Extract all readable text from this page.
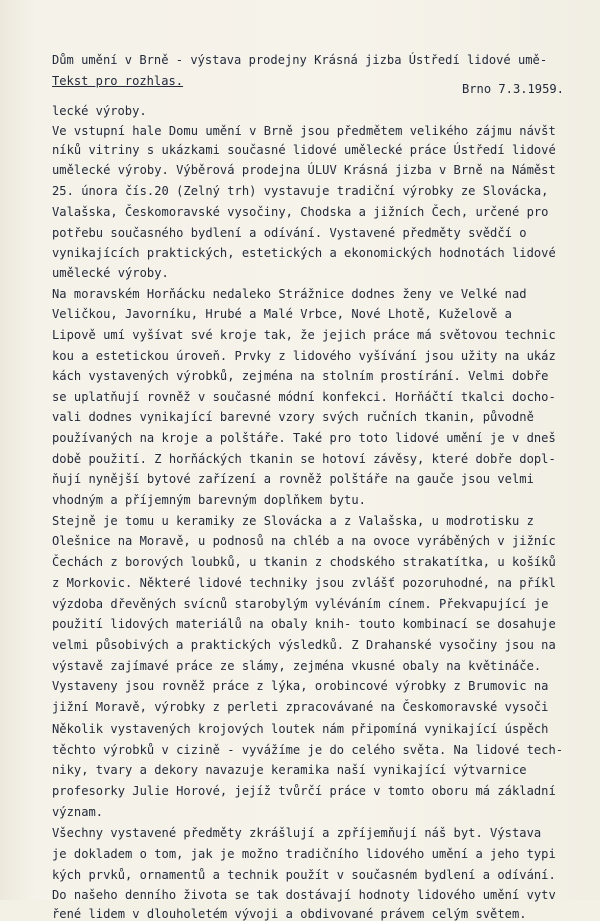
Dům umění v Brně - výstava prodejny Krásná jizba Ústředí lidové umě-

lecké výroby.

Tekst pro rozhlas.
Brno 7.3.1959.
Ve vstupní hale Domu umění v Brně jsou předmětem velikého zájmu návšt
níků vitriny s ukázkami současné lidové umělecké práce Ústředí lidové
umělecké výroby. Výběrová prodejna ÚLUV Krásná jizba v Brně na Náměst
25. února čís.20 (Zelný trh) vystavuje tradiční výrobky ze Slovácka,
Valašska, Českomoravské vysočiny, Chodska a jižních Čech, určené pro
potřebu současného bydlení a odívání. Vystavené předměty svědčí o
vynikajících praktických, estetických a ekonomických hodnotách lidové
umělecké výroby.
Na moravském Horňácku nedaleko Strážnice dodnes ženy ve Velké nad
Veličkou, Javorníku, Hrubé a Malé Vrbce, Nové Lhotě, Kuželově a
Lipově umí vyšívat své kroje tak, že jejich práce má světovou technic
kou a estetickou úroveň. Prvky z lidového vyšívání jsou užity na ukáz
kách vystavených výrobků, zejména na stolním prostírání. Velmi dobře
se uplatňují rovněž v současné módní konfekci. Horňáčtí tkalci docho-
vali dodnes vynikající barevné vzory svých ručních tkanin, původně
používaných na kroje a polštáře. Také pro toto lidové umění je v dneš
době použití. Z horňáckých tkanin se hotoví závěsy, které dobře dopl-
ňují nynější bytové zařízení a rovněž polštáře na gauče jsou velmi
vhodným a příjemným barevným doplňkem bytu.
Stejně je tomu u keramiky ze Slovácka a z Valašska, u modrotisku z
Olešnice na Moravě, u podnosů na chléb a na ovoce vyráběných v jižníc
Čechách z borových loubků, u tkanin z chodského strakatítka, u košíků
z Morkovic. Některé lidové techniky jsou zvlášť pozoruhodné, na příkl
výzdoba dřevěných svícnů starobylým vyléváním cínem. Překvapující je
použití lidových materiálů na obaly knih- touto kombinací se dosahuje
velmi působivých a praktických výsledků. Z Drahanské vysočiny jsou na
výstavě zajímavé práce ze slámy, zejména vkusné obaly na květináče.
Vystaveny jsou rovněž práce z lýka, orobincové výrobky z Brumovic na
jižní Moravě, výrobky z perleti zpracovávané na Českomoravské vysoči
Několik vystavených krojových loutek nám připomíná vynikající úspěch
těchto výrobků v cizině - vyvážíme je do celého světa. Na lidové tech-
niky, tvary a dekory navazuje keramika naší vynikající výtvarnice
profesorky Julie Horové, jejíž tvůrčí práce v tomto oboru má základní
význam.
Všechny vystavené předměty zkrášlují a zpříjemňují náš byt. Výstava
je dokladem o tom, jak je možno tradičního lidového umění a jeho typi
kých prvků, ornamentů a technik použít v současném bydlení a odívání.
Do našeho denního života se tak dostávají hodnoty lidového umění vytv
řené lidem v dlouholetém vývoji a obdivované právem celým světem.
